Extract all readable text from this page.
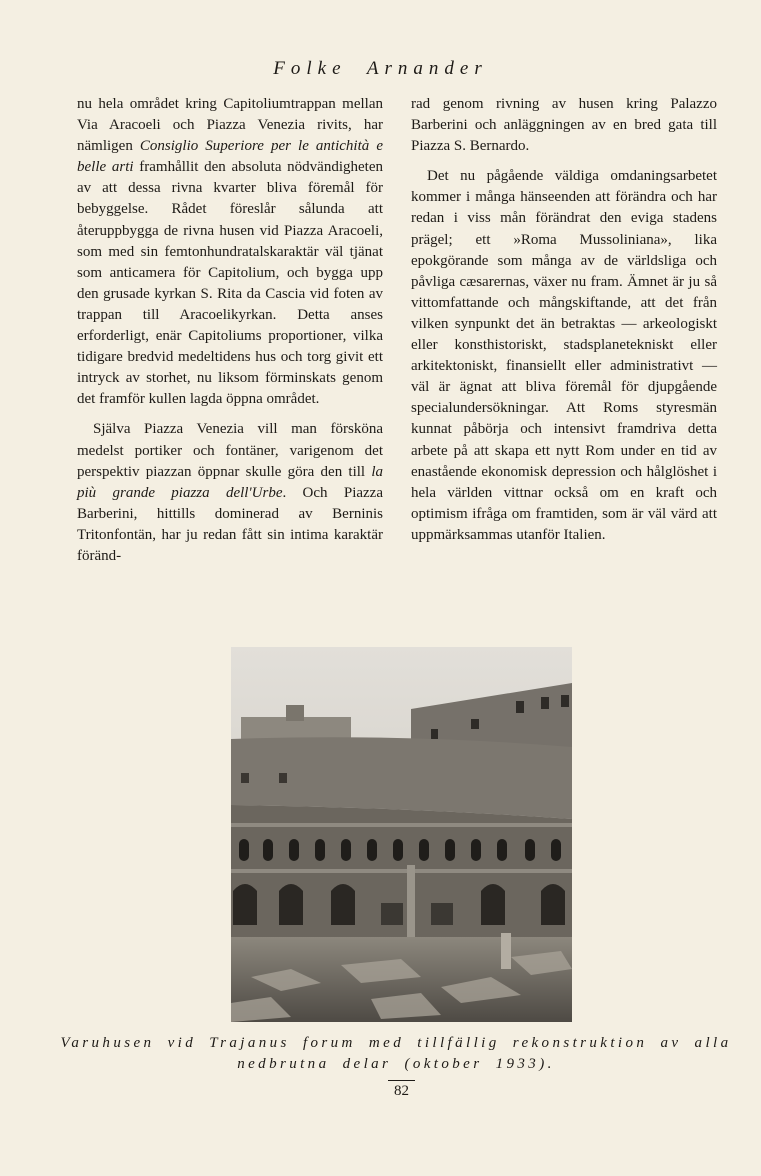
Folke Arnander

nu hela området kring Capitoliumtrappan mellan Via Aracoeli och Piazza Venezia rivits, har nämligen Consiglio Superiore per le antichità e belle arti framhållit den absoluta nödvändigheten av att dessa rivna kvarter bliva föremål för bebyggelse. Rådet föreslår sålunda att återuppbygga de rivna husen vid Piazza Aracoeli, som med sin femtonhundratalskaraktär väl tjänat som anticamera för Capitolium, och bygga upp den grusade kyrkan S. Rita da Cascia vid foten av trappan till Aracoelikyrkan. Detta anses erforderligt, enär Capitoliums proportioner, vilka tidigare bredvid medeltidens hus och torg givit ett intryck av storhet, nu liksom förminskats genom det framför kullen lagda öppna området.

Själva Piazza Venezia vill man försköna medelst portiker och fontäner, varigenom det perspektiv piazzan öppnar skulle göra den till la più grande piazza dell'Urbe. Och Piazza Barberini, hittills dominerad av Berninis Tritonfontän, har ju redan fått sin intima karaktär föränd-

rad genom rivning av husen kring Palazzo Barberini och anläggningen av en bred gata till Piazza S. Bernardo.

Det nu pågående väldiga omdaningsarbetet kommer i många hänseenden att förändra och har redan i viss mån förändrat den eviga stadens prägel; ett »Roma Mussoliniana», lika epokgörande som många av de världsliga och påvliga cæsarernas, växer nu fram. Ämnet är ju så vittomfattande och mångskiftande, att det från vilken synpunkt det än betraktas — arkeologiskt eller konsthistoriskt, stadsplanetekniskt eller arkitektoniskt, finansiellt eller administrativt — väl är ägnat att bliva föremål för djupgående specialundersökningar. Att Roms styresmän kunnat påbörja och intensivt framdriva detta arbete på att skapa ett nytt Rom under en tid av enastående ekonomisk depression och hålglöshet i hela världen vittnar också om en kraft och optimism ifråga om framtiden, som är väl värd att uppmärksammas utanför Italien.

Varuhusen vid Trajanus forum med tillfällig rekonstruktion av alla nedbrutna delar (oktober 1933).
82
